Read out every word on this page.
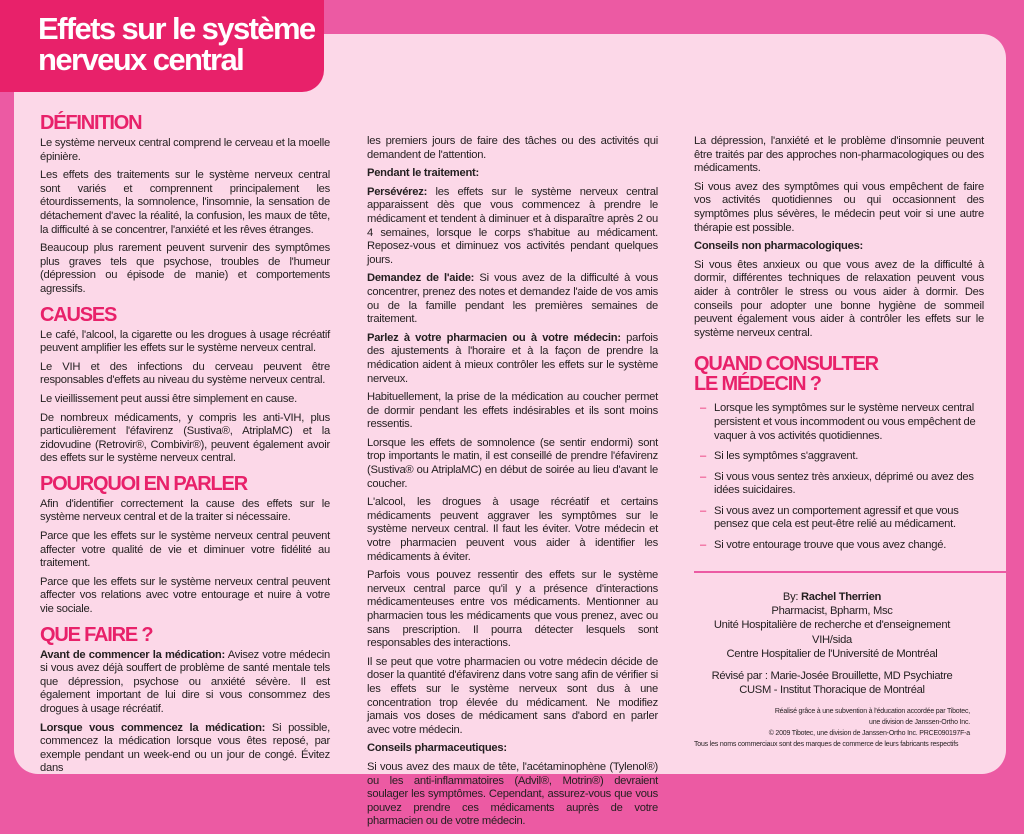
Effets sur le système
nerveux central
DÉFINITION

Le système nerveux central comprend le cerveau et la moelle épinière.

Les effets des traitements sur le système nerveux central sont variés et comprennent principalement les étourdissements, la somnolence, l'insomnie, la sensation de détachement d'avec la réalité, la confusion, les maux de tête, la difficulté à se concentrer, l'anxiété et les rêves étranges.

Beaucoup plus rarement peuvent survenir des symptômes plus graves tels que psychose, troubles de l'humeur (dépression ou épisode de manie) et comportements agressifs.

CAUSES

Le café, l'alcool, la cigarette ou les drogues à usage récréatif peuvent amplifier les effets sur le système nerveux central.

Le VIH et des infections du cerveau peuvent être responsables d'effets au niveau du système nerveux central.

Le vieillissement peut aussi être simplement en cause.

De nombreux médicaments, y compris les anti-VIH, plus particulièrement l'éfavirenz (Sustiva®, AtriplaMC) et la zidovudine (Retrovir®, Combivir®), peuvent également avoir des effets sur le système nerveux central.

POURQUOI EN PARLER

Afin d'identifier correctement la cause des effets sur le système nerveux central et de la traiter si nécessaire.

Parce que les effets sur le système nerveux central peuvent affecter votre qualité de vie et diminuer votre fidélité au traitement.

Parce que les effets sur le système nerveux central peuvent affecter vos relations avec votre entourage et nuire à votre vie sociale.

QUE FAIRE ?

Avant de commencer la médication: Avisez votre médecin si vous avez déjà souffert de problème de santé mentale tels que dépression, psychose ou anxiété sévère. Il est également important de lui dire si vous consommez des drogues à usage récréatif.

Lorsque vous commencez la médication: Si possible, commencez la médication lorsque vous êtes reposé, par exemple pendant un week-end ou un jour de congé. Évitez dans

les premiers jours de faire des tâches ou des activités qui demandent de l'attention.

Pendant le traitement:

Persévérez: les effets sur le système nerveux central apparaissent dès que vous commencez à prendre le médicament et tendent à diminuer et à disparaître après 2 ou 4 semaines, lorsque le corps s'habitue au médicament. Reposez-vous et diminuez vos activités pendant quelques jours.

Demandez de l'aide: Si vous avez de la difficulté à vous concentrer, prenez des notes et demandez l'aide de vos amis ou de la famille pendant les premières semaines de traitement.

Parlez à votre pharmacien ou à votre médecin: parfois des ajustements à l'horaire et à la façon de prendre la médication aident à mieux contrôler les effets sur le système nerveux.

Habituellement, la prise de la médication au coucher permet de dormir pendant les effets indésirables et ils sont moins ressentis.

Lorsque les effets de somnolence (se sentir endormi) sont trop importants le matin, il est conseillé de prendre l'éfavirenz (Sustiva® ou AtriplaMC) en début de soirée au lieu d'avant le coucher.

L'alcool, les drogues à usage récréatif et certains médicaments peuvent aggraver les symptômes sur le système nerveux central. Il faut les éviter. Votre médecin et votre pharmacien peuvent vous aider à identifier les médicaments à éviter.

Parfois vous pouvez ressentir des effets sur le système nerveux central parce qu'il y a présence d'interactions médicamenteuses entre vos médicaments. Mentionner au pharmacien tous les médicaments que vous prenez, avec ou sans prescription. Il pourra détecter lesquels sont responsables des interactions.

Il se peut que votre pharmacien ou votre médecin décide de doser la quantité d'éfavirenz dans votre sang afin de vérifier si les effets sur le système nerveux sont dus à une concentration trop élevée du médicament. Ne modifiez jamais vos doses de médicament sans d'abord en parler avec votre médecin.

Conseils pharmaceutiques:

Si vous avez des maux de tête, l'acétaminophène (Tylenol®) ou les anti-inflammatoires (Advil®, Motrin®) devraient soulager les symptômes. Cependant, assurez-vous que vous pouvez prendre ces médicaments auprès de votre pharmacien ou de votre médecin.

La dépression, l'anxiété et le problème d'insomnie peuvent être traités par des approches non-pharmacologiques ou des médicaments.

Si vous avez des symptômes qui vous empêchent de faire vos activités quotidiennes ou qui occasionnent des symptômes plus sévères, le médecin peut voir si une autre thérapie est possible.

Conseils non pharmacologiques:

Si vous êtes anxieux ou que vous avez de la difficulté à dormir, différentes techniques de relaxation peuvent vous aider à contrôler le stress ou vous aider à dormir. Des conseils pour adopter une bonne hygiène de sommeil peuvent également vous aider à contrôler les effets sur le système nerveux central.

QUAND CONSULTER
LE MÉDECIN ?
– Lorsque les symptômes sur le système nerveux central persistent et vous incommodent ou vous empêchent de vaquer à vos activités quotidiennes.
– Si les symptômes s'aggravent.
– Si vous vous sentez très anxieux, déprimé ou avez des idées suicidaires.
– Si vous avez un comportement agressif et que vous pensez que cela est peut-être relié au médicament.
– Si votre entourage trouve que vous avez changé.
By: Rachel Therrien
Pharmacist, Bpharm, Msc
Unité Hospitalière de recherche et d'enseignement VIH/sida
Centre Hospitalier de l'Université de Montréal
Révisé par : Marie-Josée Brouillette, MD Psychiatre
CUSM - Institut Thoracique de Montréal
Réalisé grâce à une subvention à l'éducation accordée par Tibotec,
une division de Janssen-Ortho Inc.
© 2009 Tibotec, une division de Janssen-Ortho Inc. PRCE090197F-a
Tous les noms commerciaux sont des marques de commerce de leurs fabricants respectifs
